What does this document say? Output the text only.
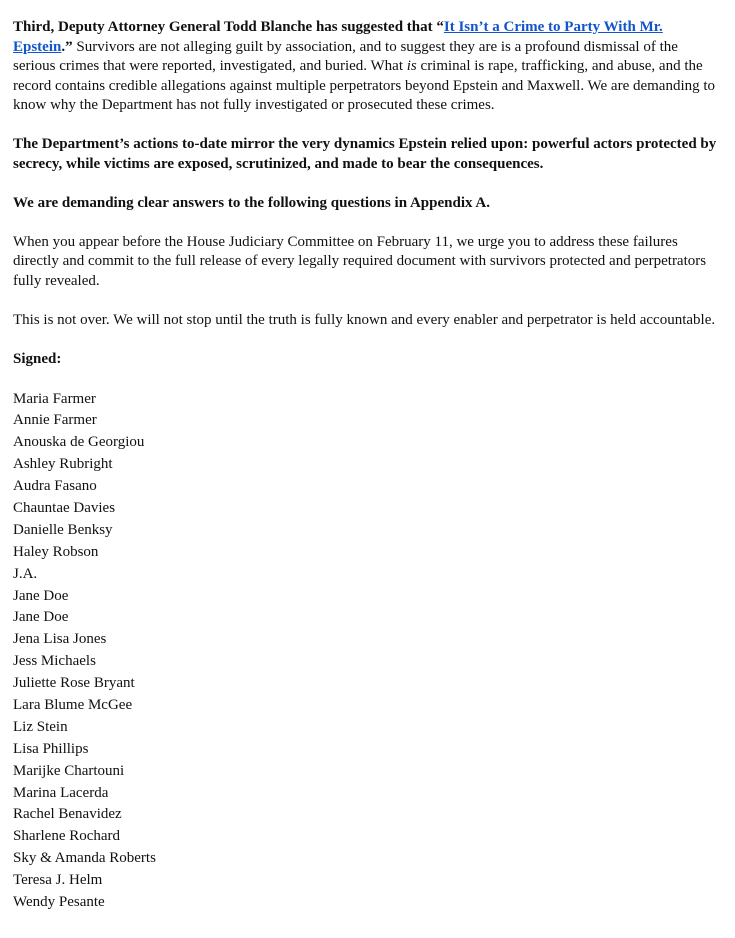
Third, Deputy Attorney General Todd Blanche has suggested that “It Isn’t a Crime to Party With Mr. Epstein.” Survivors are not alleging guilt by association, and to suggest they are is a profound dismissal of the serious crimes that were reported, investigated, and buried. What is criminal is rape, trafficking, and abuse, and the record contains credible allegations against multiple perpetrators beyond Epstein and Maxwell. We are demanding to know why the Department has not fully investigated or prosecuted these crimes.

The Department’s actions to-date mirror the very dynamics Epstein relied upon: powerful actors protected by secrecy, while victims are exposed, scrutinized, and made to bear the consequences.

We are demanding clear answers to the following questions in Appendix A.

When you appear before the House Judiciary Committee on February 11, we urge you to address these failures directly and commit to the full release of every legally required document with survivors protected and perpetrators fully revealed.

This is not over. We will not stop until the truth is fully known and every enabler and perpetrator is held accountable.

Signed:

Maria Farmer
Annie Farmer
Anouska de Georgiou
Ashley Rubright
Audra Fasano
Chauntae Davies
Danielle Benksy
Haley Robson
J.A.
Jane Doe
Jane Doe
Jena Lisa Jones
Jess Michaels
Juliette Rose Bryant
Lara Blume McGee
Liz Stein
Lisa Phillips
Marijke Chartouni
Marina Lacerda
Rachel Benavidez
Sharlene Rochard
Sky & Amanda Roberts
Teresa J. Helm
Wendy Pesante
